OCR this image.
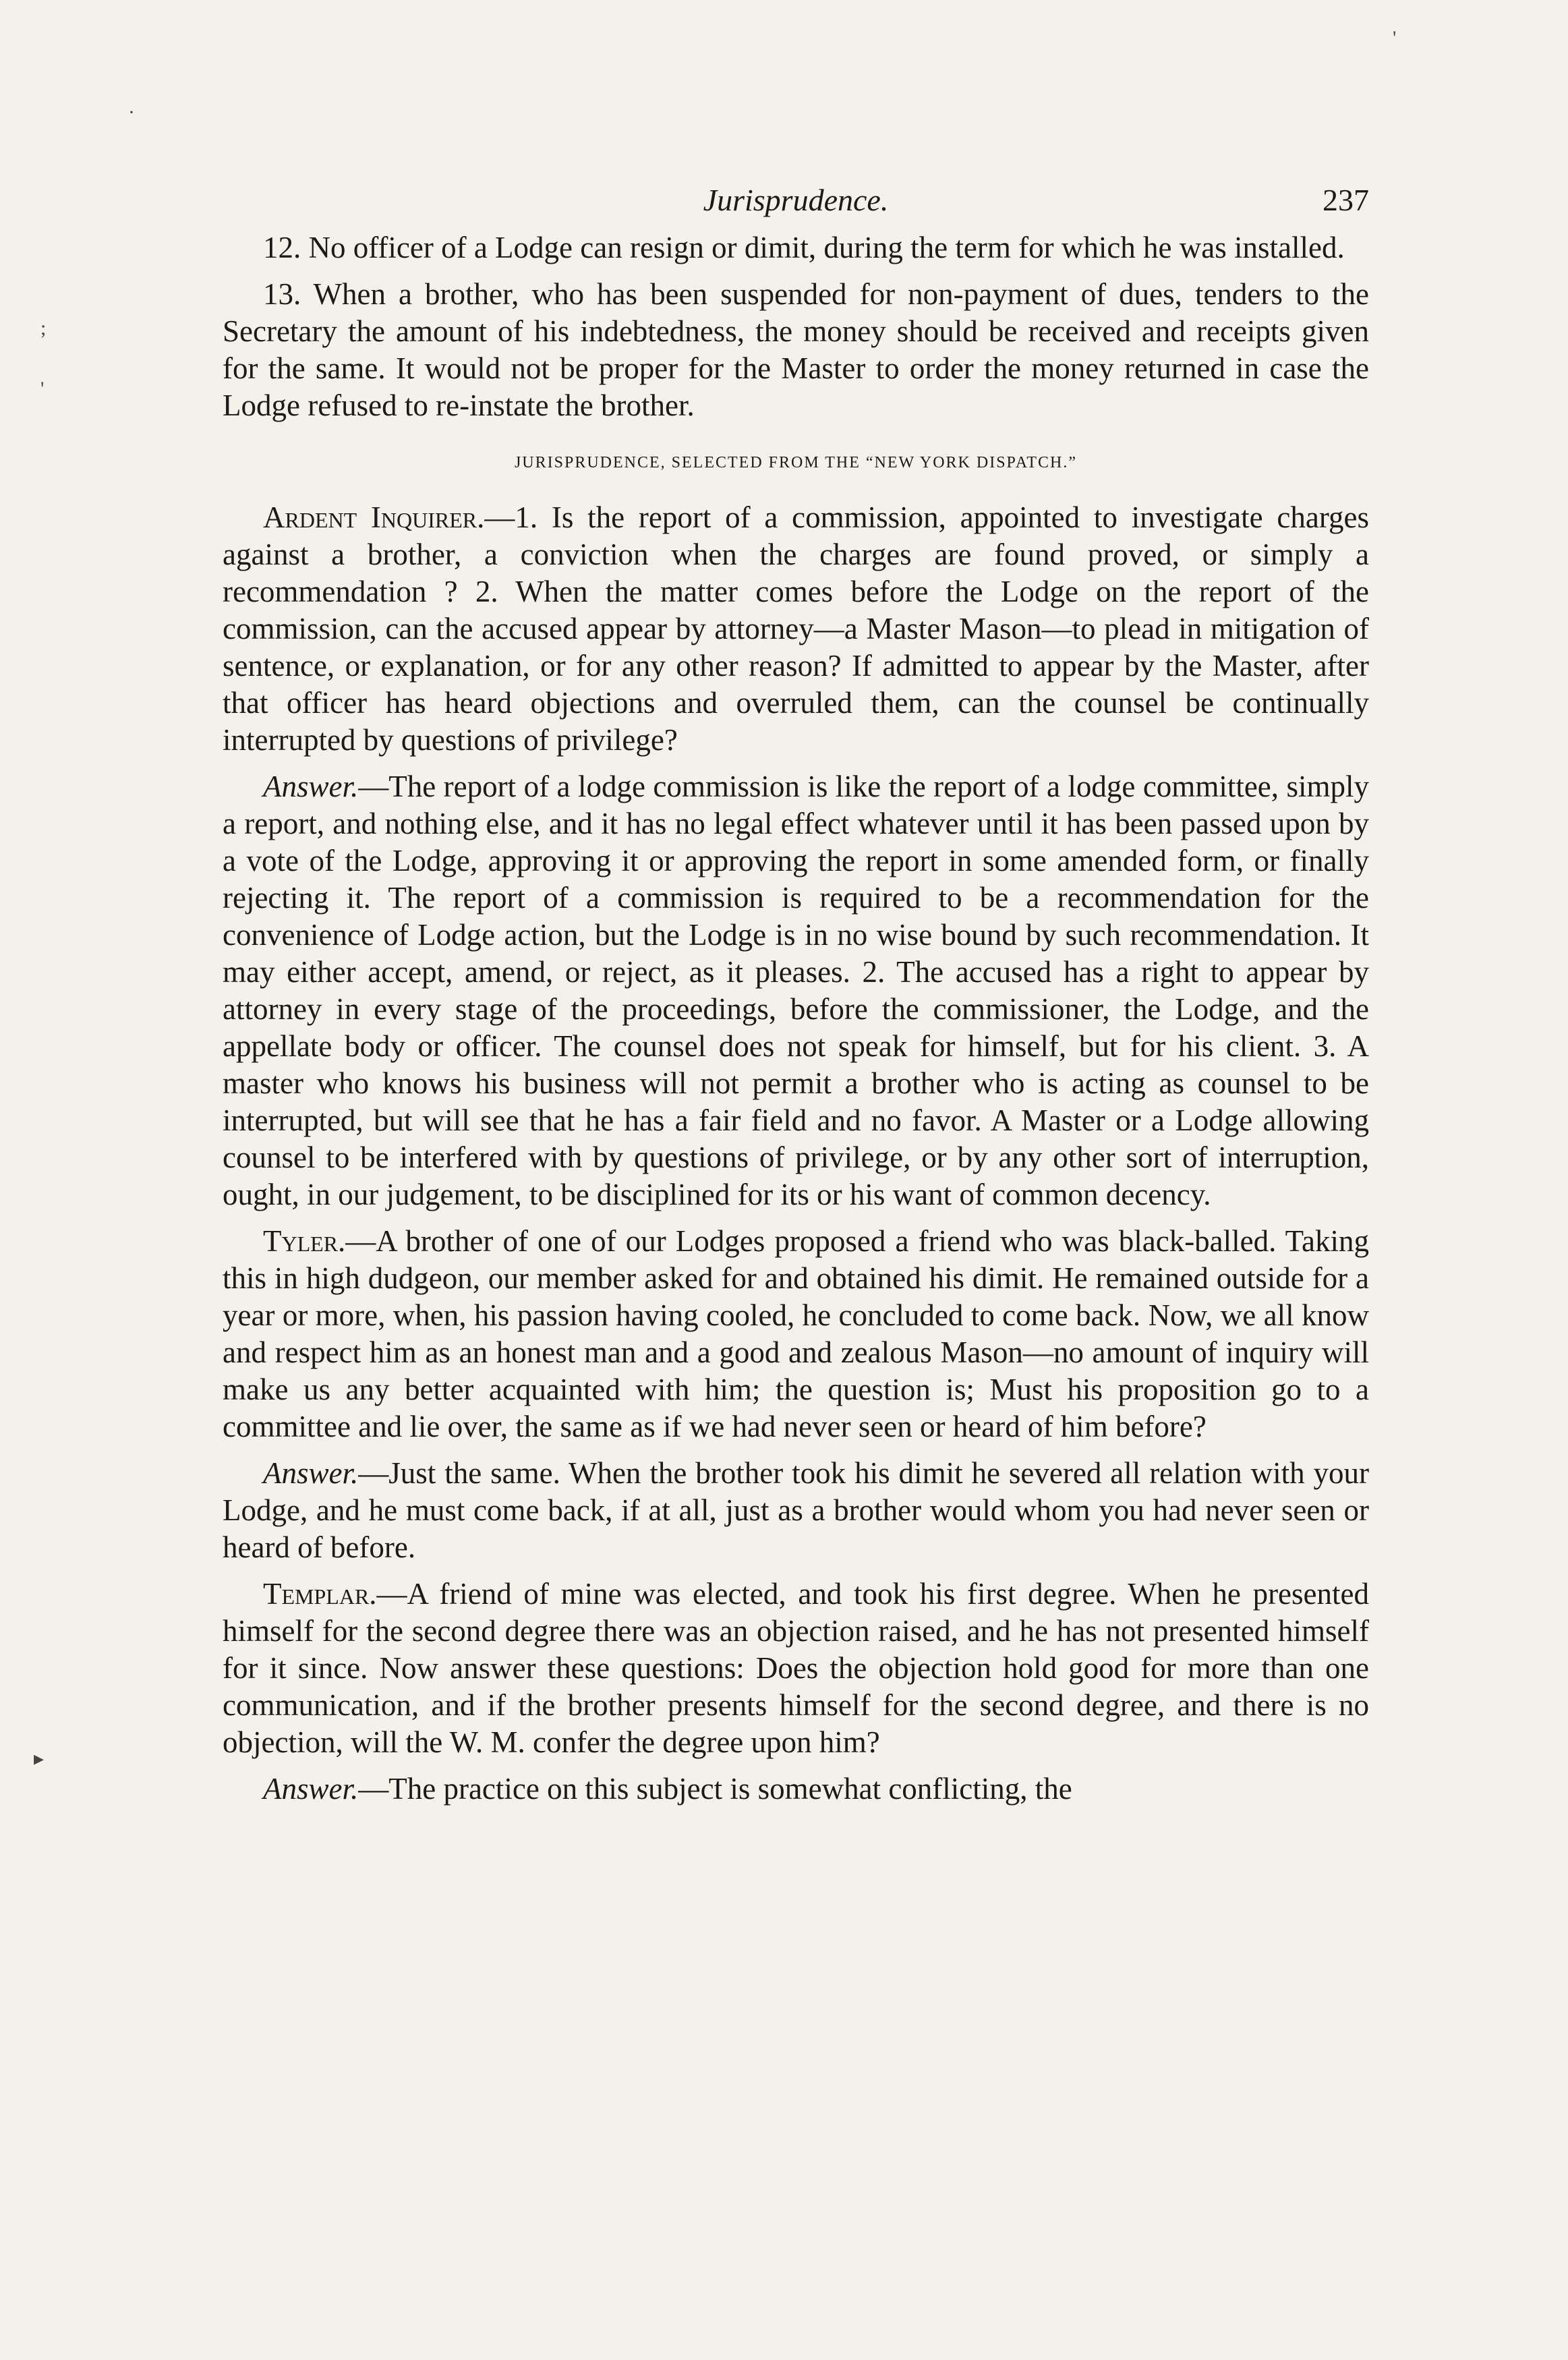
'
·
;
'
▸
Jurisprudence.	237

12. No officer of a Lodge can resign or dimit, during the term for which he was installed.

13. When a brother, who has been suspended for non-payment of dues, tenders to the Secretary the amount of his indebtedness, the money should be received and receipts given for the same. It would not be proper for the Master to order the money returned in case the Lodge refused to re-instate the brother.

JURISPRUDENCE, SELECTED FROM THE “NEW YORK DISPATCH.”

Ardent Inquirer.—1. Is the report of a commission, appointed to investigate charges against a brother, a conviction when the charges are found proved, or simply a recommendation ? 2. When the matter comes before the Lodge on the report of the commission, can the accused appear by attorney—a Master Mason—to plead in mitigation of sentence, or explanation, or for any other reason? If admitted to appear by the Master, after that officer has heard objections and overruled them, can the counsel be continually interrupted by questions of privilege?

Answer.—The report of a lodge commission is like the report of a lodge committee, simply a report, and nothing else, and it has no legal effect whatever until it has been passed upon by a vote of the Lodge, approving it or approving the report in some amended form, or finally rejecting it. The report of a commission is required to be a recommendation for the convenience of Lodge action, but the Lodge is in no wise bound by such recommendation. It may either accept, amend, or reject, as it pleases. 2. The accused has a right to appear by attorney in every stage of the proceedings, before the commissioner, the Lodge, and the appellate body or officer. The counsel does not speak for himself, but for his client. 3. A master who knows his business will not permit a brother who is acting as counsel to be interrupted, but will see that he has a fair field and no favor. A Master or a Lodge allowing counsel to be interfered with by questions of privilege, or by any other sort of interruption, ought, in our judgement, to be disciplined for its or his want of common decency.

Tyler.—A brother of one of our Lodges proposed a friend who was black-balled. Taking this in high dudgeon, our member asked for and obtained his dimit. He remained outside for a year or more, when, his passion having cooled, he concluded to come back. Now, we all know and respect him as an honest man and a good and zealous Mason—no amount of inquiry will make us any better acquainted with him; the question is; Must his proposition go to a committee and lie over, the same as if we had never seen or heard of him before?

Answer.—Just the same. When the brother took his dimit he severed all relation with your Lodge, and he must come back, if at all, just as a brother would whom you had never seen or heard of before.

Templar.—A friend of mine was elected, and took his first degree. When he presented himself for the second degree there was an objection raised, and he has not presented himself for it since. Now answer these questions: Does the objection hold good for more than one communication, and if the brother presents himself for the second degree, and there is no objection, will the W. M. confer the degree upon him?

Answer.—The practice on this subject is somewhat conflicting, the
